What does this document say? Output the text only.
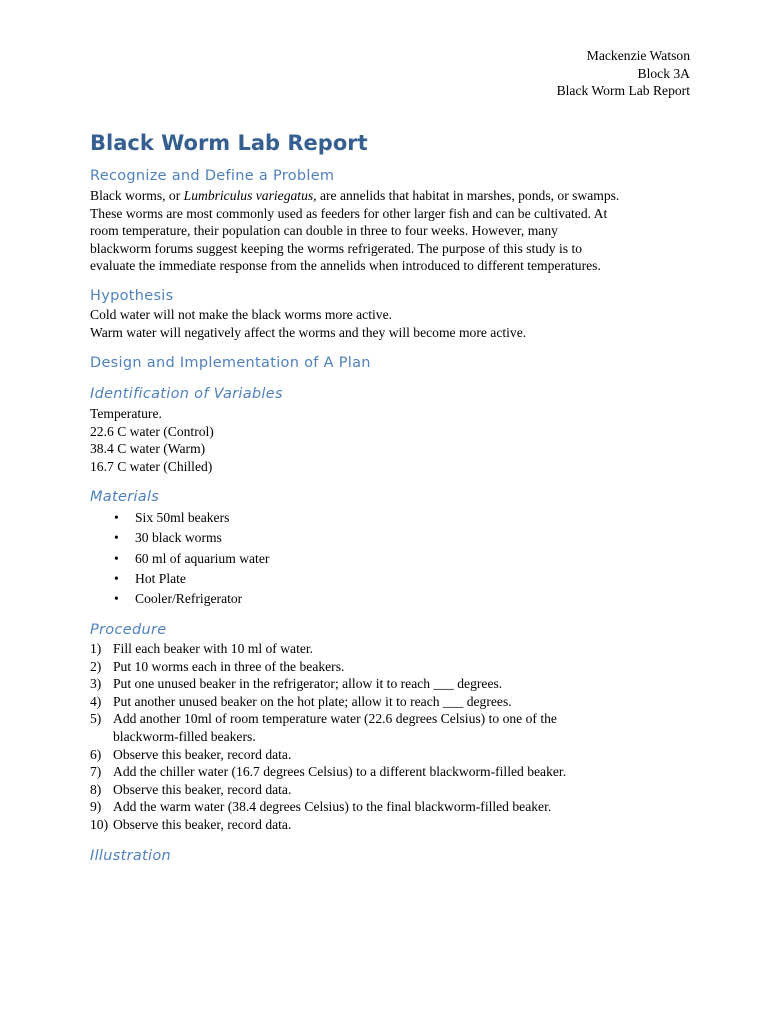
Mackenzie Watson
Block 3A
Black Worm Lab Report
Black Worm Lab Report
Recognize and Define a Problem
Black worms, or Lumbriculus variegatus, are annelids that habitat in marshes, ponds, or swamps.
These worms are most commonly used as feeders for other larger fish and can be cultivated. At
room temperature, their population can double in three to four weeks. However, many
blackworm forums suggest keeping the worms refrigerated. The purpose of this study is to
evaluate the immediate response from the annelids when introduced to different temperatures.
Hypothesis
Cold water will not make the black worms more active.
Warm water will negatively affect the worms and they will become more active.
Design and Implementation of A Plan
Identification of Variables
Temperature.
22.6 C water (Control)
38.4 C water (Warm)
16.7 C water (Chilled)
Materials
• Six 50ml beakers
• 30 black worms
• 60 ml of aquarium water
• Hot Plate
• Cooler/Refrigerator
Procedure
1) Fill each beaker with 10 ml of water.
2) Put 10 worms each in three of the beakers.
3) Put one unused beaker in the refrigerator; allow it to reach ___ degrees.
4) Put another unused beaker on the hot plate; allow it to reach ___ degrees.
5) Add another 10ml of room temperature water (22.6 degrees Celsius) to one of the blackworm-filled beakers.
6) Observe this beaker, record data.
7) Add the chiller water (16.7 degrees Celsius) to a different blackworm-filled beaker.
8) Observe this beaker, record data.
9) Add the warm water (38.4 degrees Celsius) to the final blackworm-filled beaker.
10) Observe this beaker, record data.
Illustration
